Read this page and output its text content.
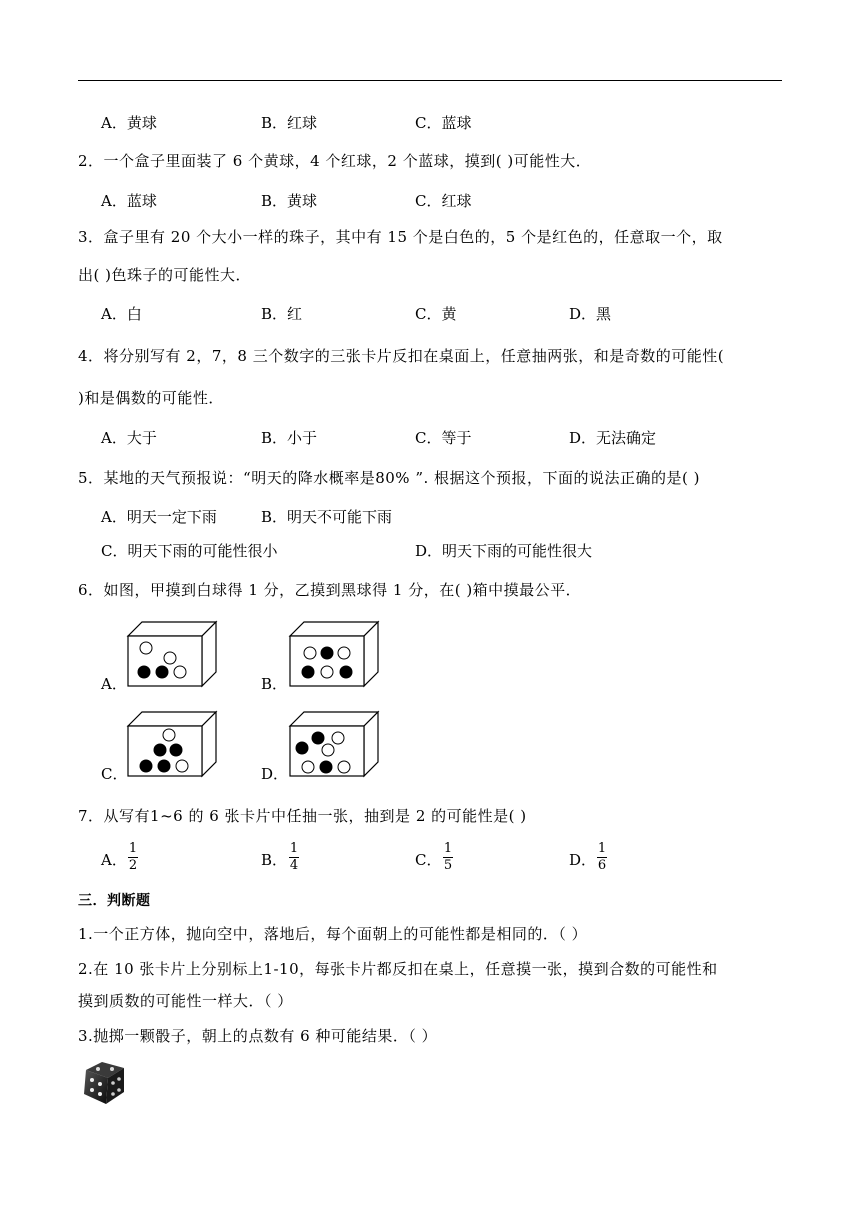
A．黄球	B．红球	C．蓝球
2．一个盒子里面装了 6 个黄球，4 个红球，2 个蓝球，摸到( )可能性大．
A．蓝球	B．黄球	C．红球
3．盒子里有 20 个大小一样的珠子，其中有 15 个是白色的，5 个是红色的，任意取一个，取
出( )色珠子的可能性大．
A．白	B．红	C．黄	D．黑
4．将分别写有 2，7，8 三个数字的三张卡片反扣在桌面上，任意抽两张，和是奇数的可能性(
)和是偶数的可能性．
A．大于	B．小于	C．等于	D．无法确定
5．某地的天气预报说：“明天的降水概率是80% ”. 根据这个预报，下面的说法正确的是( )
A．明天一定下雨	B．明天不可能下雨
C．明天下雨的可能性很小	D．明天下雨的可能性很大
6．如图，甲摸到白球得 1 分，乙摸到黑球得 1 分，在( )箱中摸最公平．
A．	B．
C．	D．
7．从写有1~6 的 6 张卡片中任抽一张，抽到是 2 的可能性是( )
A．
1
2	B．
1
4	C．
1
5	D．
1
6
三．判断题
1.一个正方体，抛向空中，落地后，每个面朝上的可能性都是相同的．（ ）
2.在 10 张卡片上分别标上1-10，每张卡片都反扣在桌上，任意摸一张，摸到合数的可能性和
摸到质数的可能性一样大．（ ）
3.抛掷一颗骰子，朝上的点数有 6 种可能结果．（ ）
